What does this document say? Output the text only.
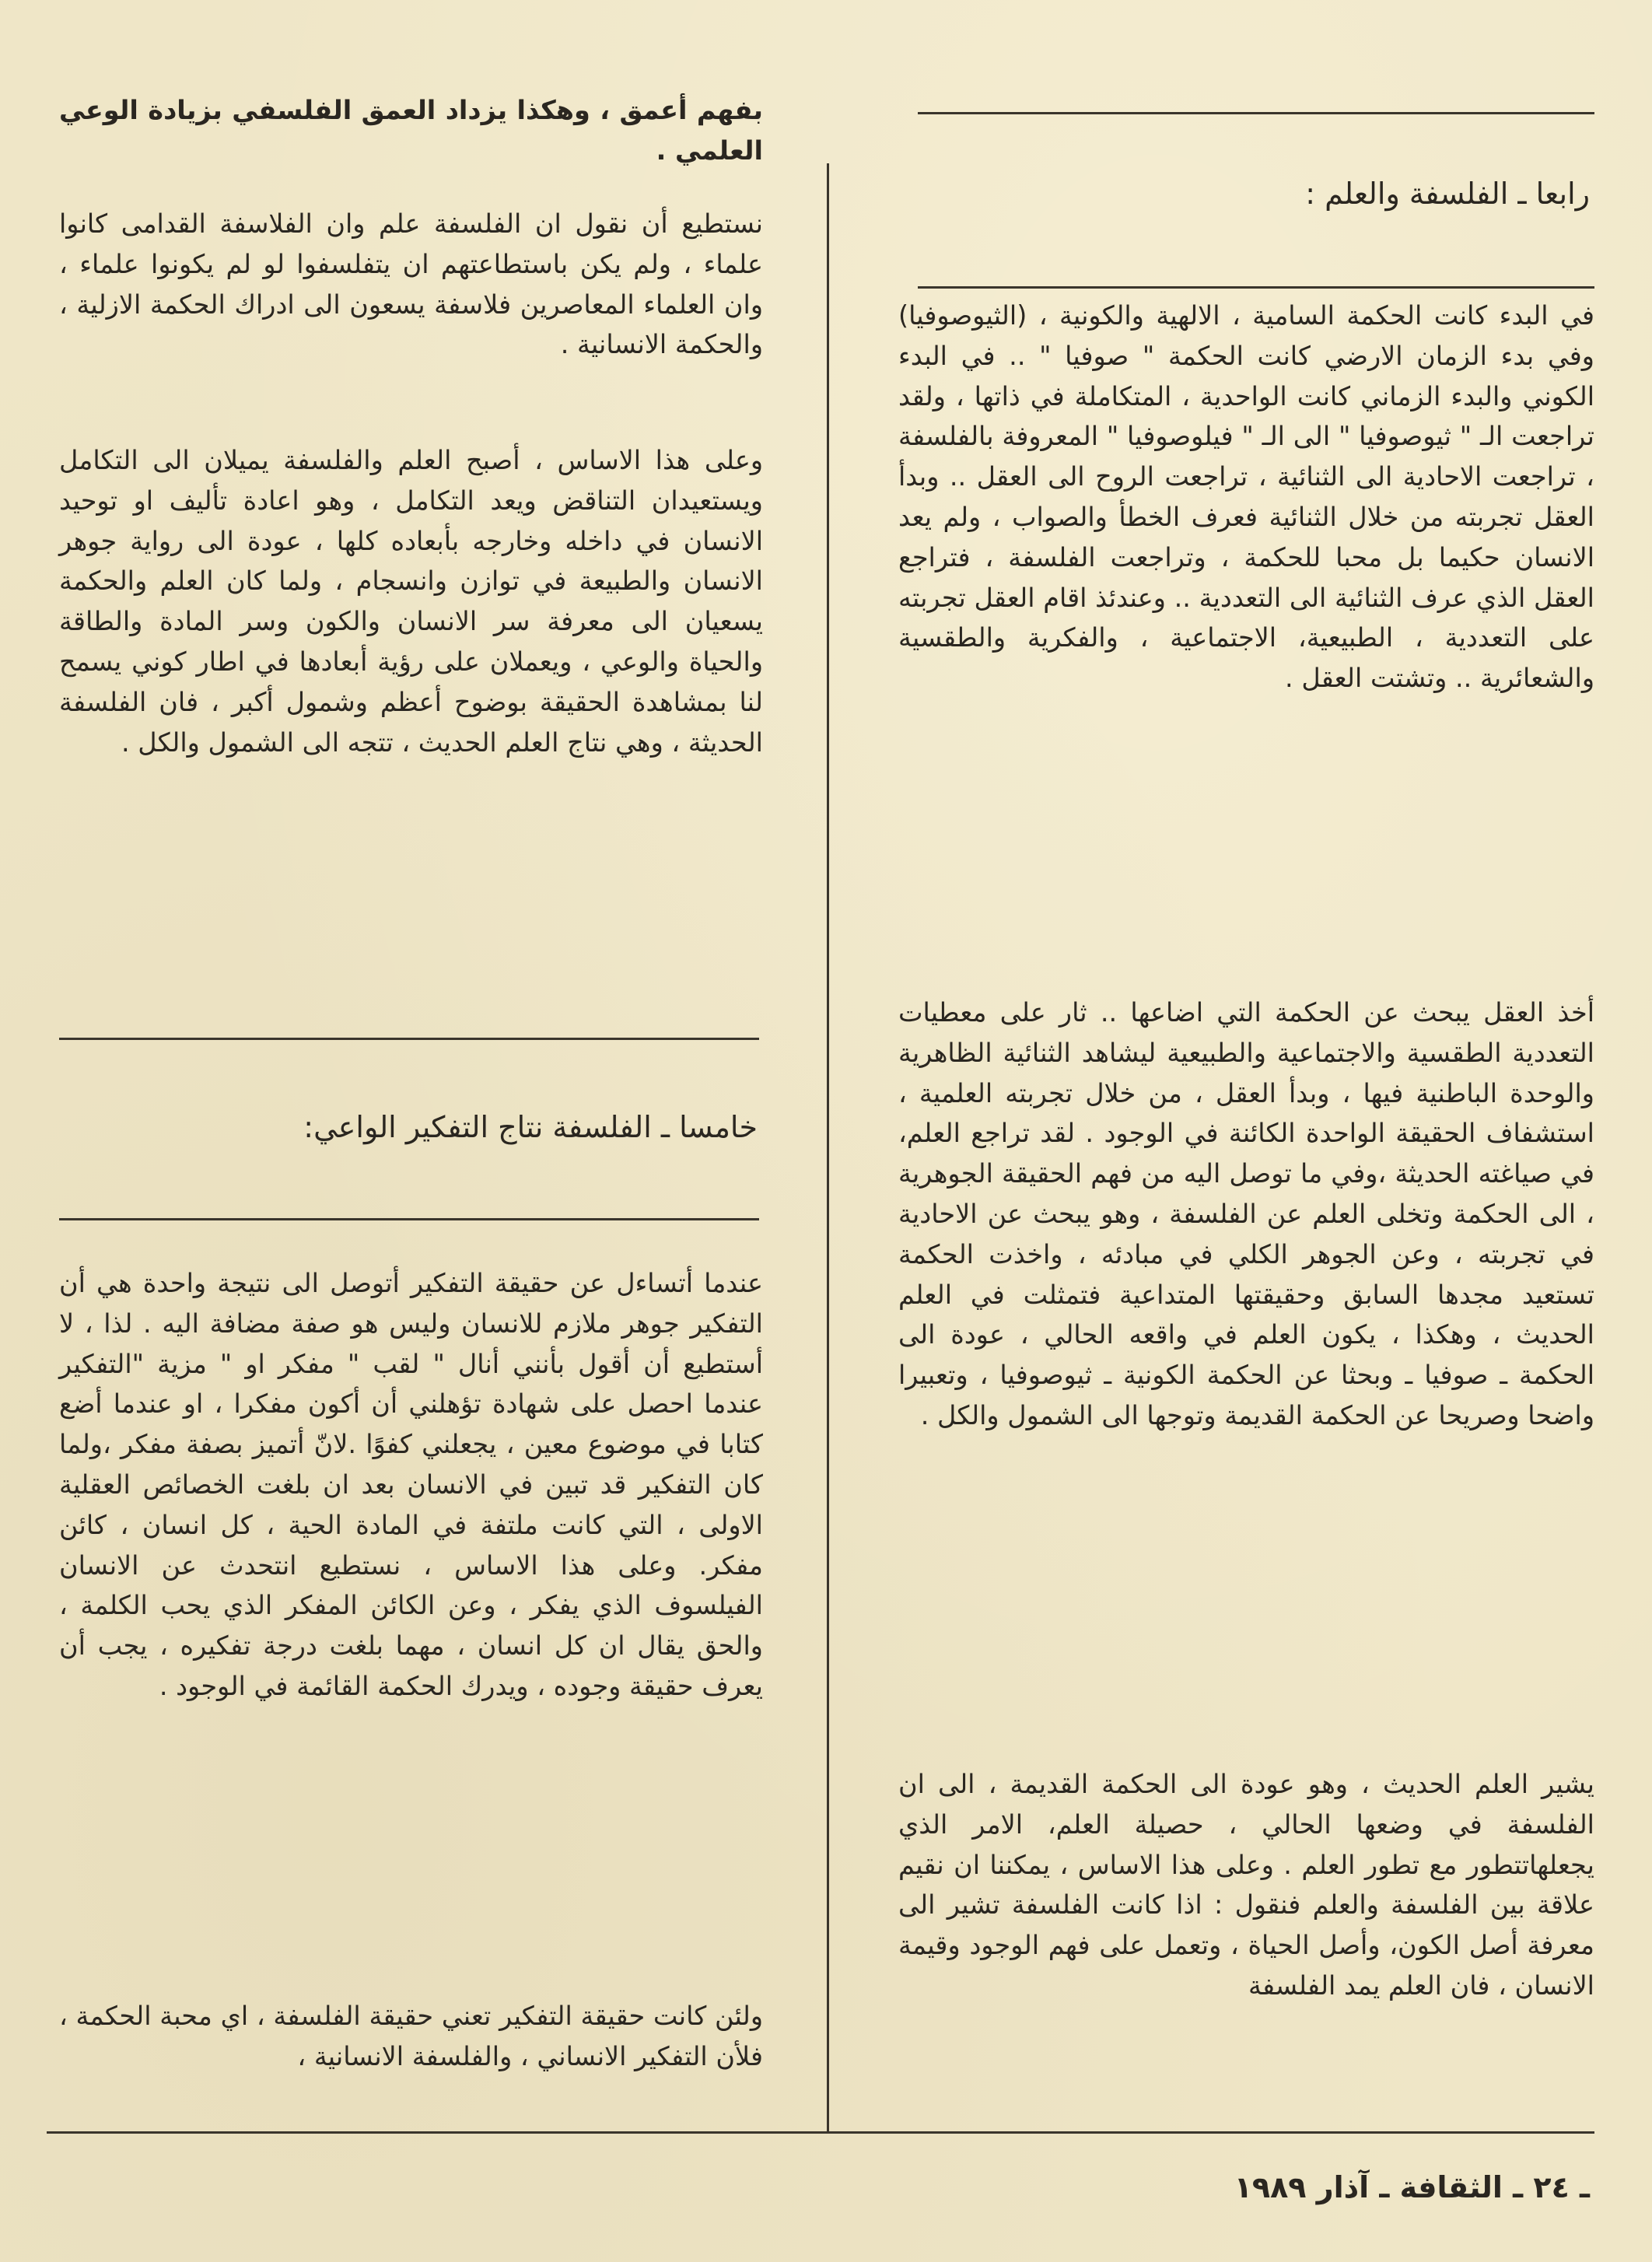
رابعا ـ الفلسفة والعلم :
في البدء كانت الحكمة السامية ، الالهية والكونية ، (الثيوصوفيا) وفي بدء الزمان الارضي كانت الحكمة " صوفيا " .. في البدء الكوني والبدء الزماني كانت الواحدية ، المتكاملة في ذاتها ، ولقد تراجعت الـ " ثيوصوفيا " الى الـ " فيلوصوفيا " المعروفة بالفلسفة ، تراجعت الاحادية الى الثنائية ، تراجعت الروح الى العقل .. وبدأ العقل تجربته من خلال الثنائية فعرف الخطأ والصواب ، ولم يعد الانسان حكيما بل محبا للحكمة ، وتراجعت الفلسفة ، فتراجع العقل الذي عرف الثنائية الى التعددية .. وعندئذ اقام العقل تجربته على التعددية ، الطبيعية، الاجتماعية ، والفكرية والطقسية والشعائرية .. وتشتت العقل .
أخذ العقل يبحث عن الحكمة التي اضاعها .. ثار على معطيات التعددية الطقسية والاجتماعية والطبيعية ليشاهد الثنائية الظاهرية والوحدة الباطنية فيها ، وبدأ العقل ، من خلال تجربته العلمية ، استشفاف الحقيقة الواحدة الكائنة في الوجود . لقد تراجع العلم، في صياغته الحديثة ،وفي ما توصل اليه من فهم الحقيقة الجوهرية ، الى الحكمة وتخلى العلم عن الفلسفة ، وهو يبحث عن الاحادية في تجربته ، وعن الجوهر الكلي في مبادئه ، واخذت الحكمة تستعيد مجدها السابق وحقيقتها المتداعية فتمثلت في العلم الحديث ، وهكذا ، يكون العلم في واقعه الحالي ، عودة الى الحكمة ـ صوفيا ـ وبحثا عن الحكمة الكونية ـ ثيوصوفيا ، وتعبيرا واضحا وصريحا عن الحكمة القديمة وتوجها الى الشمول والكل .
يشير العلم الحديث ، وهو عودة الى الحكمة القديمة ، الى ان الفلسفة في وضعها الحالي ، حصيلة العلم، الامر الذي يجعلهاتتطور مع تطور العلم . وعلى هذا الاساس ، يمكننا ان نقيم علاقة بين الفلسفة والعلم فنقول : اذا كانت الفلسفة تشير الى معرفة أصل الكون، وأصل الحياة ، وتعمل على فهم الوجود وقيمة الانسان ، فان العلم يمد الفلسفة
بفهم أعمق ، وهكذا يزداد العمق الفلسفي بزيادة الوعي العلمي .
نستطيع أن نقول ان الفلسفة علم وان الفلاسفة القدامى كانوا علماء ، ولم يكن باستطاعتهم ان يتفلسفوا لو لم يكونوا علماء ، وان العلماء المعاصرين فلاسفة يسعون الى ادراك الحكمة الازلية ، والحكمة الانسانية .
وعلى هذا الاساس ، أصبح العلم والفلسفة يميلان الى التكامل ويستعيدان التناقض ويعد التكامل ، وهو اعادة تأليف او توحيد الانسان في داخله وخارجه بأبعاده كلها ، عودة الى رواية جوهر الانسان والطبيعة في توازن وانسجام ، ولما كان العلم والحكمة يسعيان الى معرفة سر الانسان والكون وسر المادة والطاقة والحياة والوعي ، ويعملان على رؤية أبعادها في اطار كوني يسمح لنا بمشاهدة الحقيقة بوضوح أعظم وشمول أكبر ، فان الفلسفة الحديثة ، وهي نتاج العلم الحديث ، تتجه الى الشمول والكل .
خامسا ـ الفلسفة نتاج التفكير الواعي:
عندما أتساءل عن حقيقة التفكير أتوصل الى نتيجة واحدة هي أن التفكير جوهر ملازم للانسان وليس هو صفة مضافة اليه . لذا ، لا أستطيع أن أقول بأنني أنال " لقب " مفكر او " مزية "التفكير عندما احصل على شهادة تؤهلني أن أكون مفكرا ، او عندما أضع كتابا في موضوع معين ، يجعلني كفوًا .لانّ أتميز بصفة مفكر ،ولما كان التفكير قد تبين في الانسان بعد ان بلغت الخصائص العقلية الاولى ، التي كانت ملتفة في المادة الحية ، كل انسان ، كائن مفكر. وعلى هذا الاساس ، نستطيع انتحدث عن الانسان الفيلسوف الذي يفكر ، وعن الكائن المفكر الذي يحب الكلمة ، والحق يقال ان كل انسان ، مهما بلغت درجة تفكيره ، يجب أن يعرف حقيقة وجوده ، ويدرك الحكمة القائمة في الوجود .
ولئن كانت حقيقة التفكير تعني حقيقة الفلسفة ، اي محبة الحكمة ، فلأن التفكير الانساني ، والفلسفة الانسانية ،
ـ ٢٤ ـ الثقافة ـ آذار ١٩٨٩
